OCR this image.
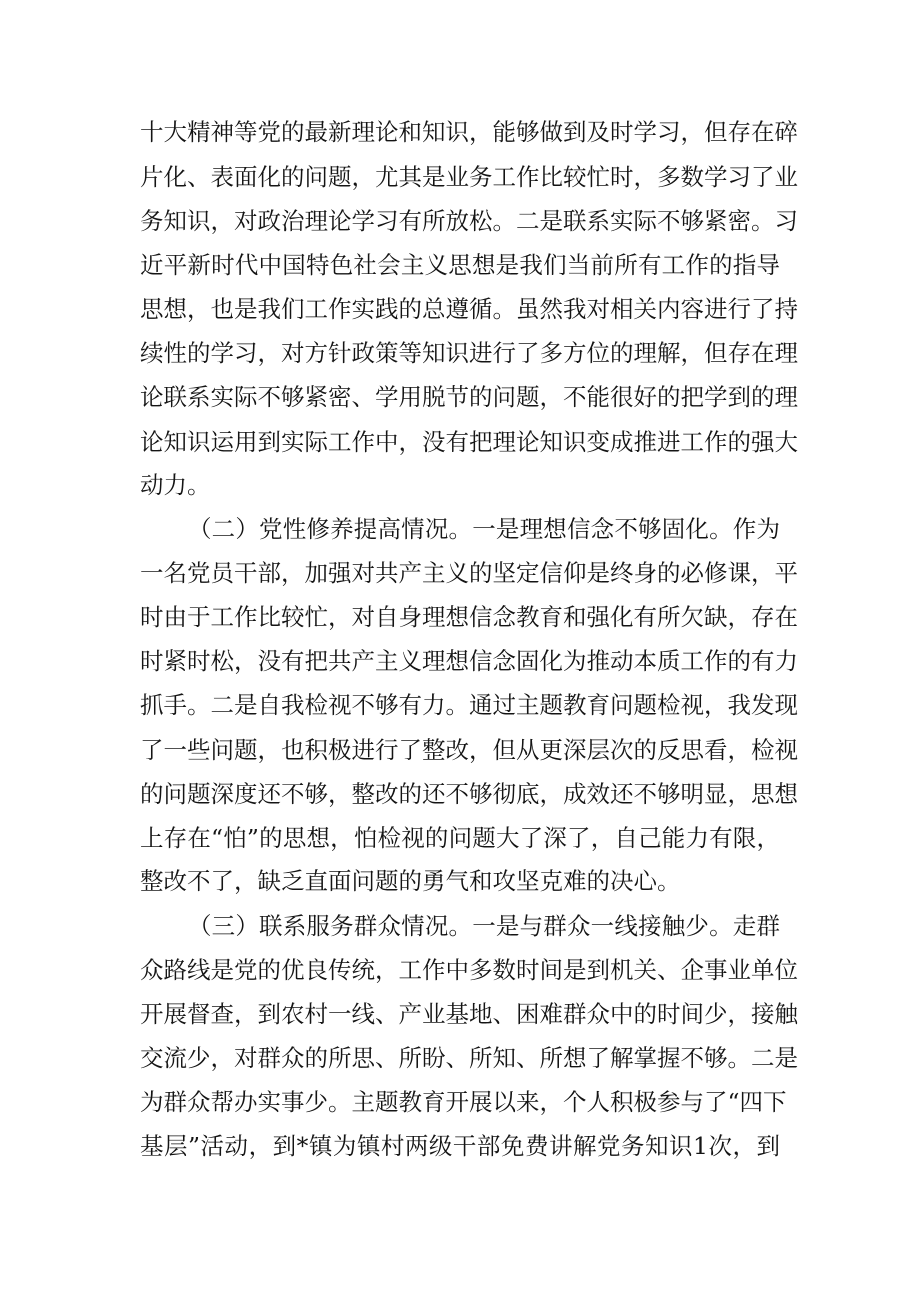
十大精神等党的最新理论和知识，能够做到及时学习，但存在碎

片化、表面化的问题，尤其是业务工作比较忙时，多数学习了业

务知识，对政治理论学习有所放松。二是联系实际不够紧密。习

近平新时代中国特色社会主义思想是我们当前所有工作的指导

思想，也是我们工作实践的总遵循。虽然我对相关内容进行了持

续性的学习，对方针政策等知识进行了多方位的理解，但存在理

论联系实际不够紧密、学用脱节的问题，不能很好的把学到的理

论知识运用到实际工作中，没有把理论知识变成推进工作的强大

动力。

（二）党性修养提高情况。一是理想信念不够固化。作为

一名党员干部，加强对共产主义的坚定信仰是终身的必修课，平

时由于工作比较忙，对自身理想信念教育和强化有所欠缺，存在

时紧时松，没有把共产主义理想信念固化为推动本质工作的有力

抓手。二是自我检视不够有力。通过主题教育问题检视，我发现

了一些问题，也积极进行了整改，但从更深层次的反思看，检视

的问题深度还不够，整改的还不够彻底，成效还不够明显，思想

上存在“怕”的思想，怕检视的问题大了深了，自己能力有限，

整改不了，缺乏直面问题的勇气和攻坚克难的决心。

（三）联系服务群众情况。一是与群众一线接触少。走群

众路线是党的优良传统，工作中多数时间是到机关、企事业单位

开展督查，到农村一线、产业基地、困难群众中的时间少，接触

交流少，对群众的所思、所盼、所知、所想了解掌握不够。二是

为群众帮办实事少。主题教育开展以来，个人积极参与了“四下

基层”活动，到*镇为镇村两级干部免费讲解党务知识1次，到
